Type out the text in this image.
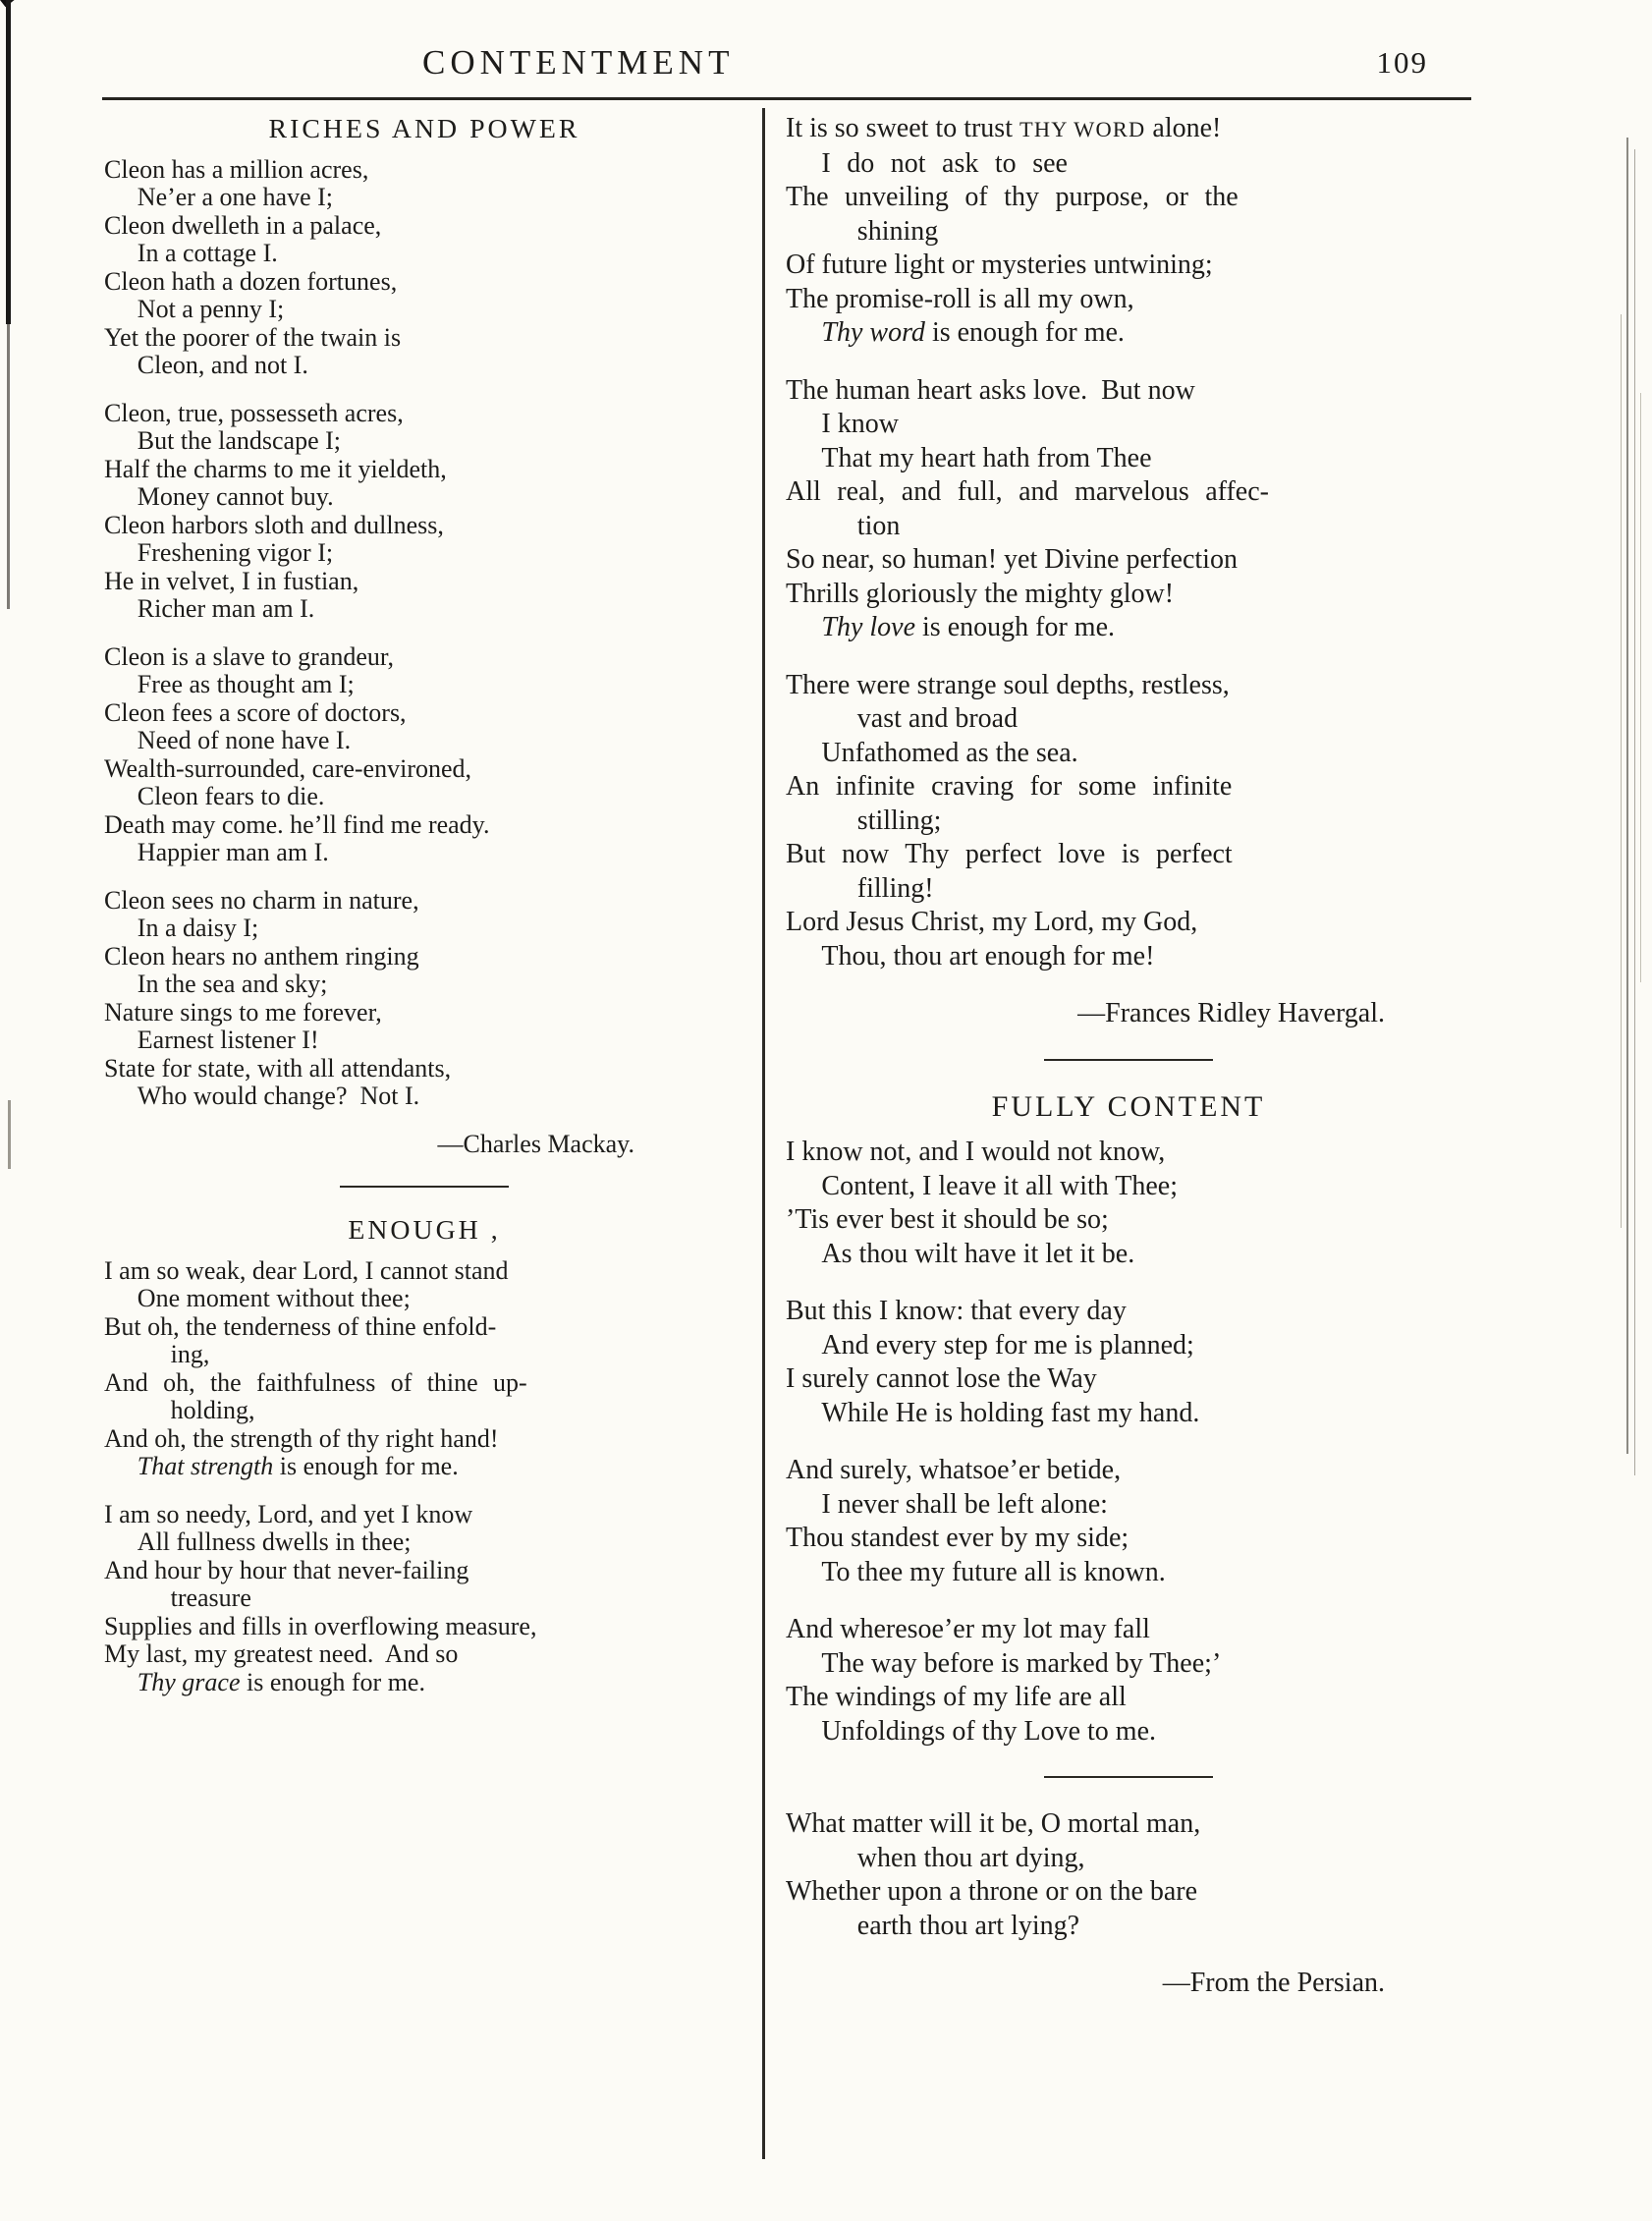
CONTENTMENT	109
RICHES AND POWER
Cleon has a million acres,
Ne’er a one have I;
Cleon dwelleth in a palace,
In a cottage I.
Cleon hath a dozen fortunes,
Not a penny I;
Yet the poorer of the twain is
Cleon, and not I.
Cleon, true, possesseth acres,
But the landscape I;
Half the charms to me it yieldeth,
Money cannot buy.
Cleon harbors sloth and dullness,
Freshening vigor I;
He in velvet, I in fustian,
Richer man am I.
Cleon is a slave to grandeur,
Free as thought am I;
Cleon fees a score of doctors,
Need of none have I.
Wealth-surrounded, care-environed,
Cleon fears to die.
Death may come. he’ll find me ready.
Happier man am I.
Cleon sees no charm in nature,
In a daisy I;
Cleon hears no anthem ringing
In the sea and sky;
Nature sings to me forever,
Earnest listener I!
State for state, with all attendants,
Who would change?  Not I.
—Charles Mackay.
ENOUGH ,
I am so weak, dear Lord, I cannot stand
One moment without thee;
But oh, the tenderness of thine enfold-
ing,
And oh, the faithfulness of thine up-
holding,
And oh, the strength of thy right hand!
That strength is enough for me.
I am so needy, Lord, and yet I know
All fullness dwells in thee;
And hour by hour that never-failing
treasure
Supplies and fills in overflowing measure,
My last, my greatest need.  And so
Thy grace is enough for me.
It is so sweet to trust THY WORD alone!
I do not ask to see
The unveiling of thy purpose, or the
shining
Of future light or mysteries untwining;
The promise-roll is all my own,
Thy word is enough for me.
The human heart asks love.  But now
I know
That my heart hath from Thee
All real, and full, and marvelous affec-
tion
So near, so human! yet Divine perfection
Thrills gloriously the mighty glow!
Thy love is enough for me.
There were strange soul depths, restless,
vast and broad
Unfathomed as the sea.
An infinite craving for some infinite
stilling;
But now Thy perfect love is perfect
filling!
Lord Jesus Christ, my Lord, my God,
Thou, thou art enough for me!
—Frances Ridley Havergal.
FULLY CONTENT
I know not, and I would not know,
Content, I leave it all with Thee;
’Tis ever best it should be so;
As thou wilt have it let it be.
But this I know: that every day
And every step for me is planned;
I surely cannot lose the Way
While He is holding fast my hand.
And surely, whatsoe’er betide,
I never shall be left alone:
Thou standest ever by my side;
To thee my future all is known.
And wheresoe’er my lot may fall
The way before is marked by Thee;’
The windings of my life are all
Unfoldings of thy Love to me.
What matter will it be, O mortal man,
when thou art dying,
Whether upon a throne or on the bare
earth thou art lying?
—From the Persian.
